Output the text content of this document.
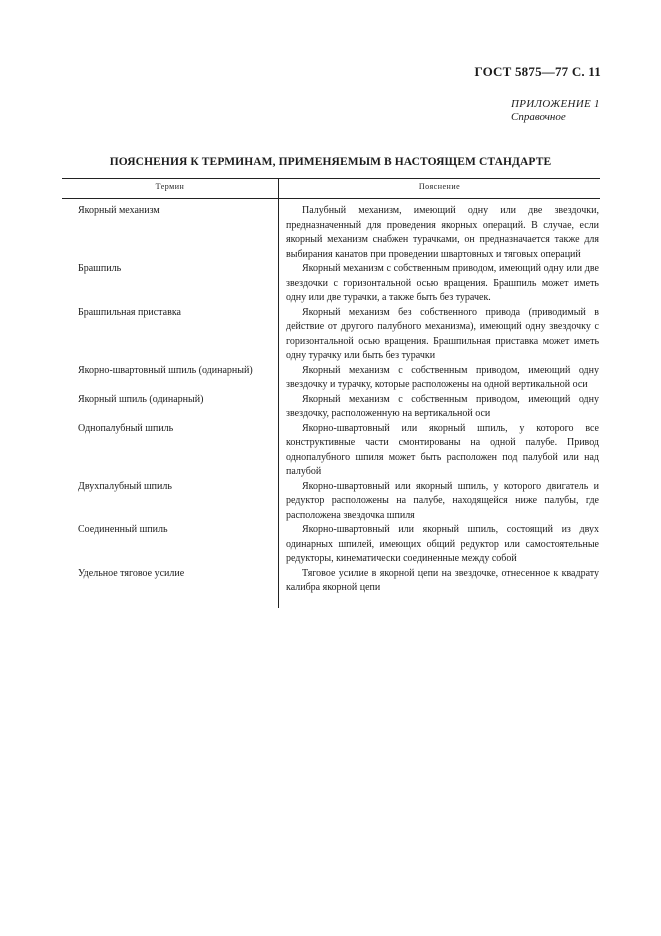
ГОСТ 5875—77 С. 11
ПРИЛОЖЕНИЕ 1
Справочное
ПОЯСНЕНИЯ К ТЕРМИНАМ, ПРИМЕНЯЕМЫМ В НАСТОЯЩЕМ СТАНДАРТЕ
Термин	Пояснение
Якорный механизм	Палубный механизм, имеющий одну или две звездочки, предназначенный для проведения якорных операций. В случае, если якорный механизм снабжен турачками, он предназначается также для выбирания канатов при проведении швартовных и тяговых операций
Брашпиль	Якорный механизм с собственным приводом, имеющий одну или две звездочки с горизонтальной осью вращения. Брашпиль может иметь одну или две турачки, а также быть без турачек.
Брашпильная приставка	Якорный механизм без собственного привода (приводимый в действие от другого палубного механизма), имеющий одну звездочку с горизонтальной осью вращения. Брашпильная приставка может иметь одну турачку или быть без турачки
Якорно-швартовный шпиль (одинарный)	Якорный механизм с собственным приводом, имеющий одну звездочку и турачку, которые расположены на одной вертикальной оси
Якорный шпиль (одинарный)	Якорный механизм с собственным приводом, имеющий одну звездочку, расположенную на вертикальной оси
Однопалубный шпиль	Якорно-швартовный или якорный шпиль, у которого все конструктивные части смонтированы на одной палубе. Привод однопалубного шпиля может быть расположен под палубой или над палубой
Двухпалубный шпиль	Якорно-швартовный или якорный шпиль, у которого двигатель и редуктор расположены на палубе, находящейся ниже палубы, где расположена звездочка шпиля
Соединенный шпиль	Якорно-швартовный или якорный шпиль, состоящий из двух одинарных шпилей, имеющих общий редуктор или самостоятельные редукторы, кинематически соединенные между собой
Удельное тяговое усилие	Тяговое усилие в якорной цепи на звездочке, отнесенное к квадрату калибра якорной цепи
